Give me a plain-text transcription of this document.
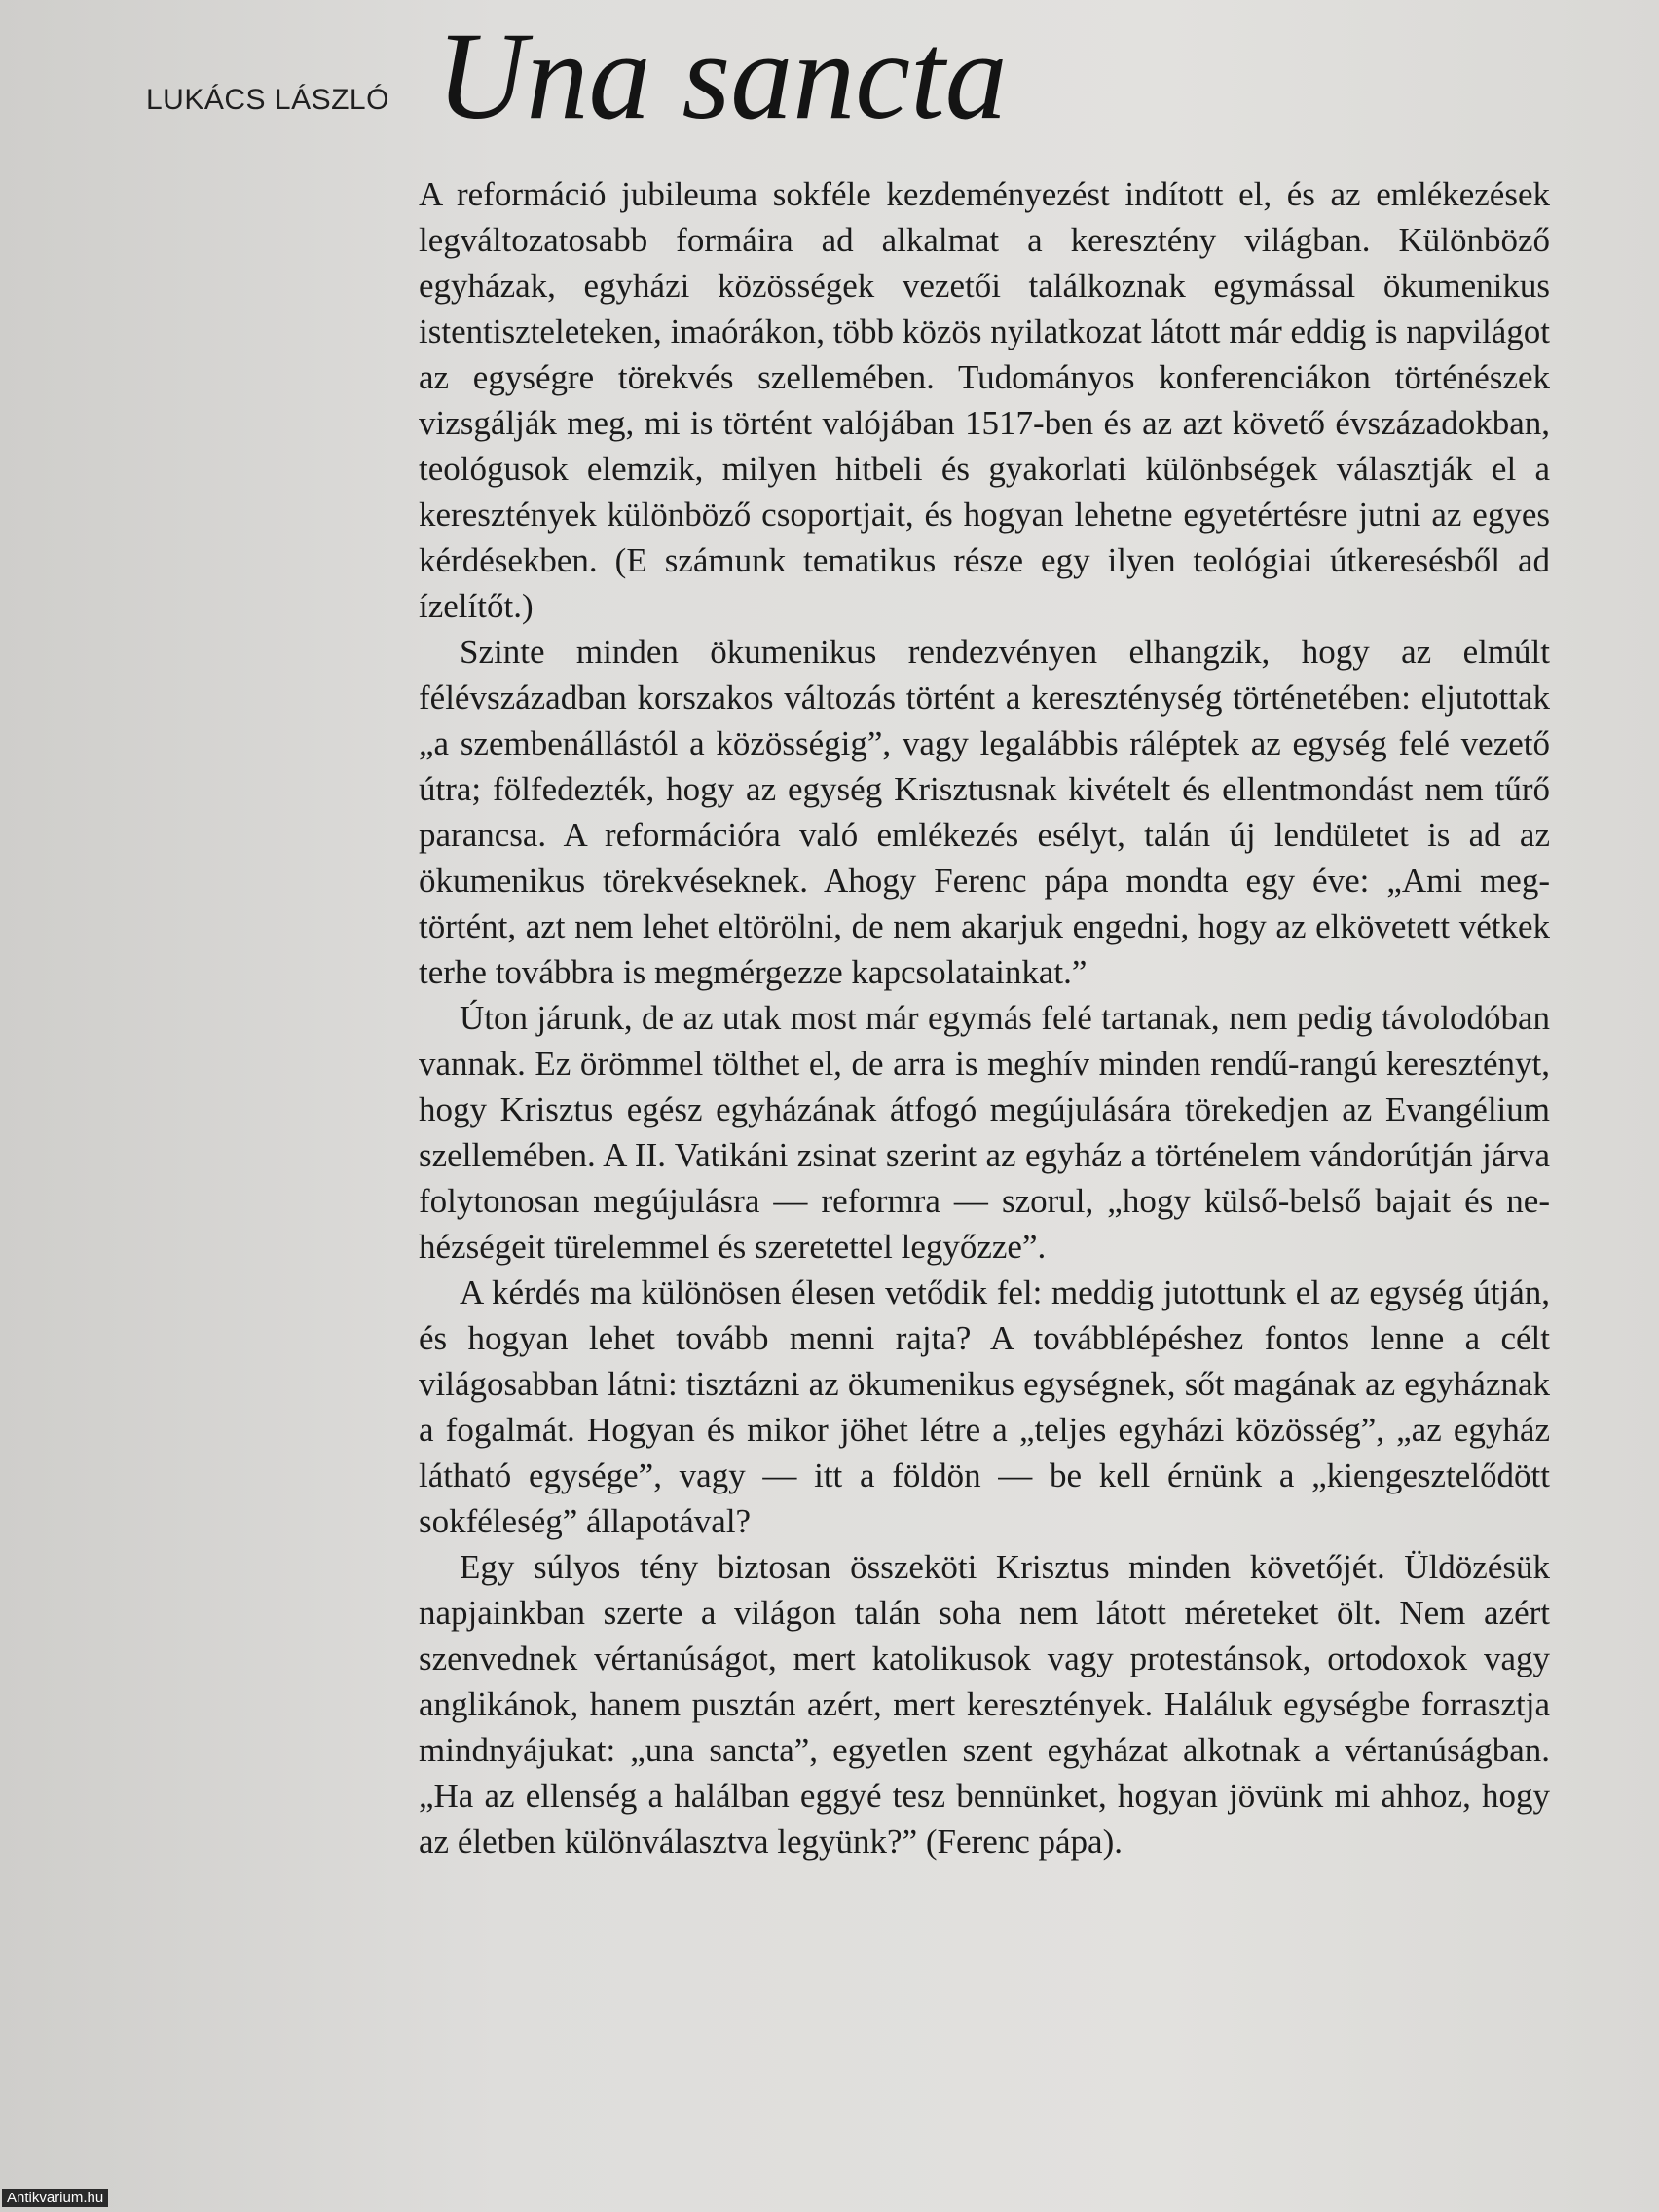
LUKÁCS LÁSZLÓ Una sancta

A reformáció jubileuma sokféle kezdeményezést indított el, és az emlékezések legváltozatosabb formáira ad alkalmat a keresztény világban. Különböző egyházak, egyházi közösségek vezetői találkoznak egymással ökumenikus istentiszteleteken, imaórákon, több közös nyilatkozat látott már eddig is napvilágot az egységre törekvés szellemében. Tudományos konferenciákon történészek vizsgálják meg, mi is történt valójában 1517-ben és az azt követő évszázadokban, teológusok elemzik, milyen hitbeli és gyakorlati különbségek választják el a keresztények különböző csoportjait, és hogyan lehetne egyetértésre jutni az egyes kérdésekben. (E számunk tematikus része egy ilyen teológiai útkeresésből ad ízelítőt.)

Szinte minden ökumenikus rendezvényen elhangzik, hogy az elmúlt félévszázadban korszakos változás történt a kereszténység történetében: eljutottak „a szembenállástól a közösségig”, vagy legalábbis ráléptek az egység felé vezető útra; fölfedezték, hogy az egység Krisztusnak kivételt és ellentmondást nem tűrő parancsa. A reformációra való emlékezés esélyt, talán új lendületet is ad az ökumenikus törekvéseknek. Ahogy Ferenc pápa mondta egy éve: „Ami megtörtént, azt nem lehet eltörölni, de nem akarjuk engedni, hogy az elkövetett vétkek terhe továbbra is megmérgezze kapcsolatainkat.”

Úton járunk, de az utak most már egymás felé tartanak, nem pedig távolodóban vannak. Ez örömmel tölthet el, de arra is meghív minden rendű-rangú keresztényt, hogy Krisztus egész egyházának átfogó megújulására törekedjen az Evangélium szellemében. A II. Vatikáni zsinat szerint az egyház a történelem vándorútján járva folytonosan megújulásra — reformra — szorul, „hogy külső-belső bajait és nehézségeit türelemmel és szeretettel legyőzze”.

A kérdés ma különösen élesen vetődik fel: meddig jutottunk el az egység útján, és hogyan lehet tovább menni rajta? A továbblépéshez fontos lenne a célt világosabban látni: tisztázni az ökumenikus egységnek, sőt magának az egyháznak a fogalmát. Hogyan és mikor jöhet létre a „teljes egyházi közösség”, „az egyház látható egysége”, vagy — itt a földön — be kell érnünk a „kiengesztelődött sokféleség” állapotával?

Egy súlyos tény biztosan összeköti Krisztus minden követőjét. Üldözésük napjainkban szerte a világon talán soha nem látott méreteket ölt. Nem azért szenvednek vértanúságot, mert katolikusok vagy protestánsok, ortodoxok vagy anglikánok, hanem pusztán azért, mert keresztények. Haláluk egységbe forrasztja mindnyájukat: „una sancta”, egyetlen szent egyházat alkotnak a vértanúságban. „Ha az ellenség a halálban eggyé tesz bennünket, hogyan jövünk mi ahhoz, hogy az életben különválasztva legyünk?” (Ferenc pápa).

Antikvarium.hu
